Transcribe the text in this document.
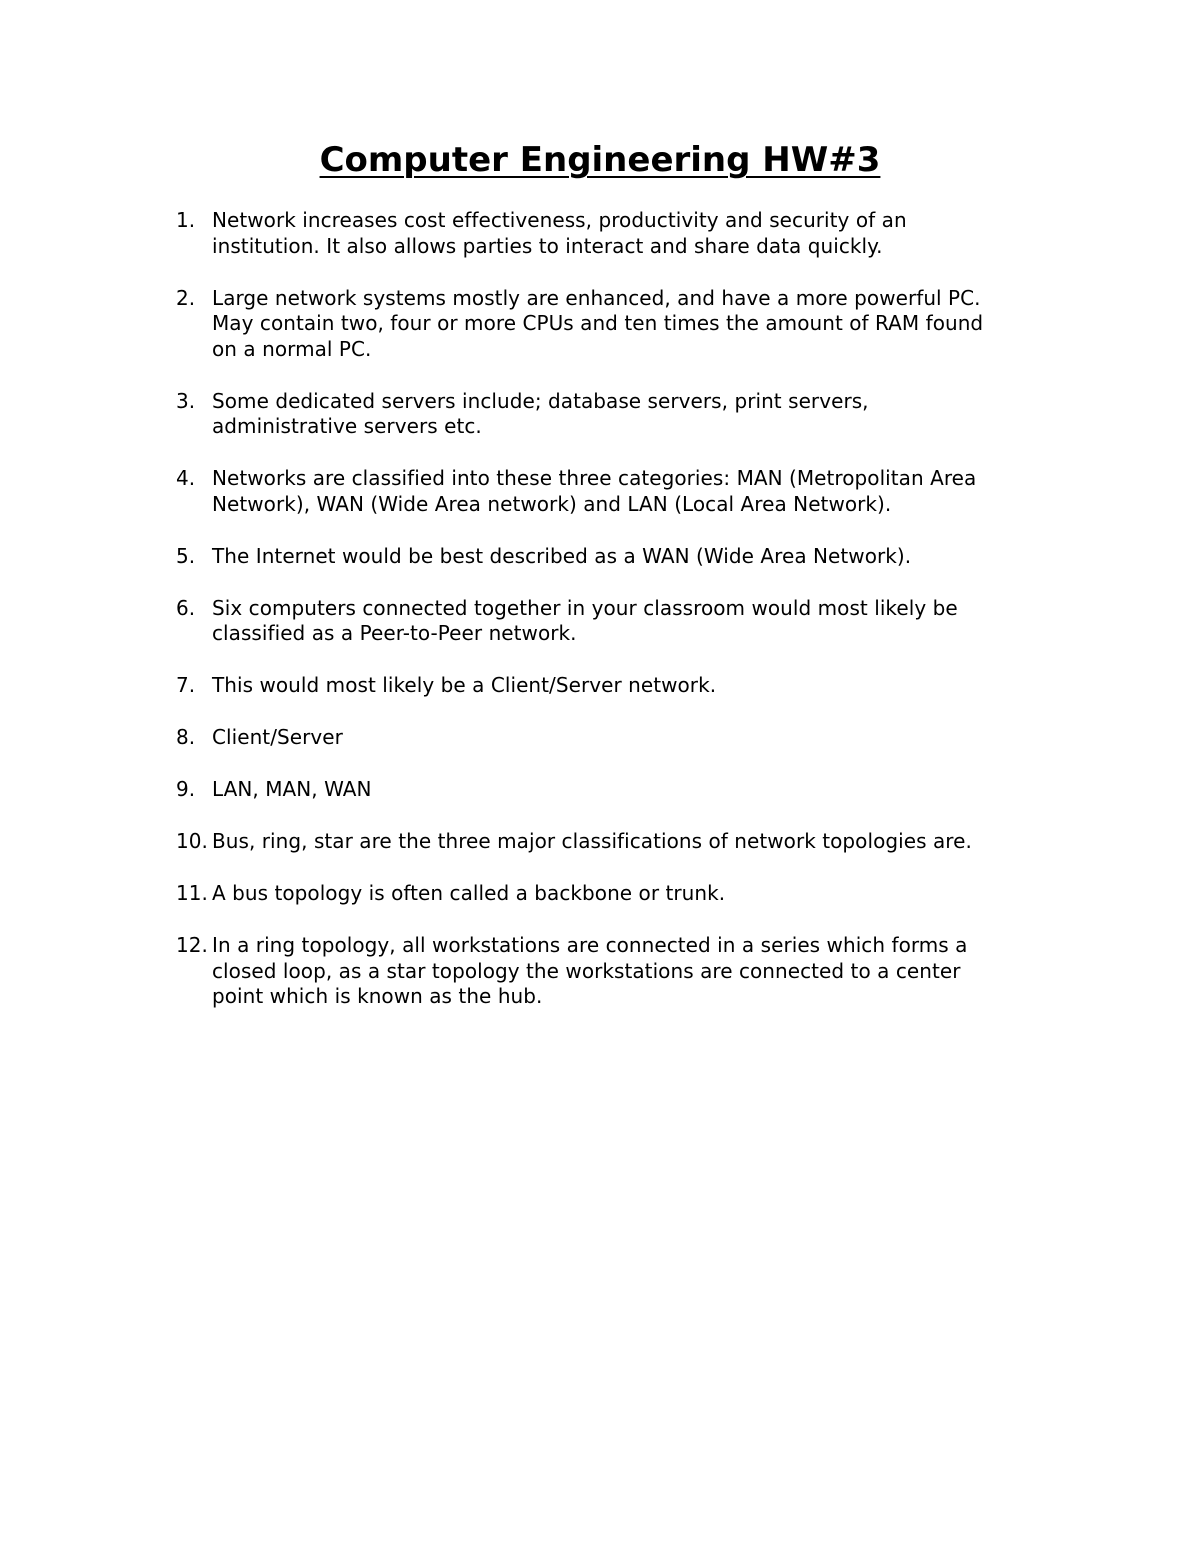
Computer Engineering HW#3
1. Network increases cost effectiveness, productivity and security of an
institution. It also allows parties to interact and share data quickly.
2. Large network systems mostly are enhanced, and have a more powerful PC.
May contain two, four or more CPUs and ten times the amount of RAM found
on a normal PC.
3. Some dedicated servers include; database servers, print servers,
administrative servers etc.
4. Networks are classified into these three categories: MAN (Metropolitan Area
Network), WAN (Wide Area network) and LAN (Local Area Network).
5. The Internet would be best described as a WAN (Wide Area Network).
6. Six computers connected together in your classroom would most likely be
classified as a Peer-to-Peer network.
7. This would most likely be a Client/Server network.
8. Client/Server
9. LAN, MAN, WAN
10. Bus, ring, star are the three major classifications of network topologies are.
11. A bus topology is often called a backbone or trunk.
12. In a ring topology, all workstations are connected in a series which forms a
closed loop, as a star topology the workstations are connected to a center
point which is known as the hub.
